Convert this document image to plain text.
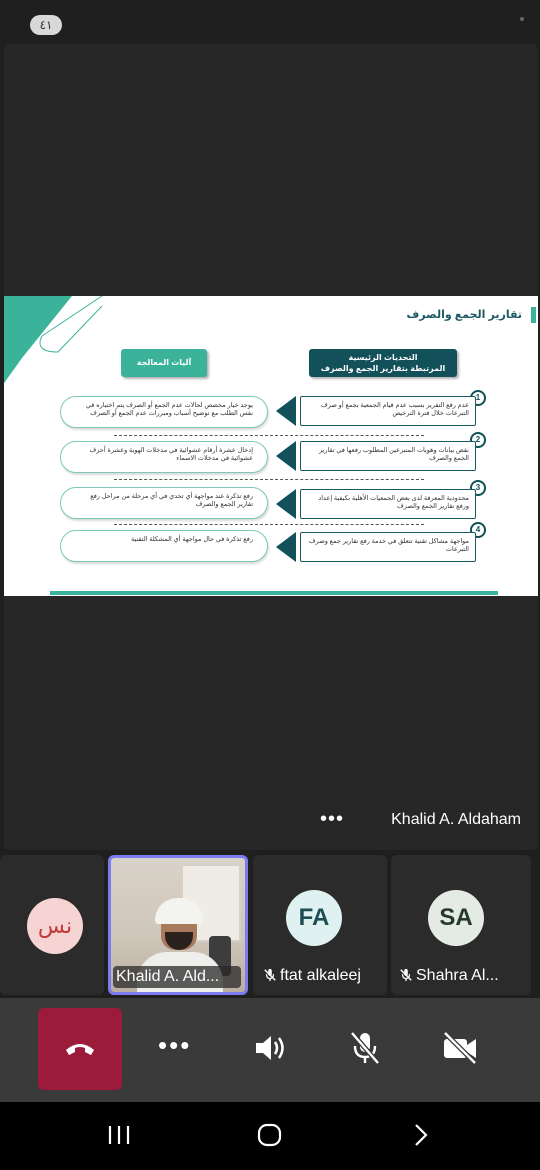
٤١
تقارير الجمع والصرف
التحديات الرئيسية
المرتبطة بتقارير الجمع والصرف
آليات المعالجة
1
عدم رفع التقرير بسبب عدم قيام الجمعية بجمع أو صرف التبرعات خلال فترة الترخيص
يوجد خيار مخصص لحالات عدم الجمع أو الصرف يتم اختياره في نفس الطلب مع توضيح أسباب ومبررات عدم الجمع أو الصرف
2
نقص بيانات وهويات المتبرعين المطلوب رفعها في تقارير الجمع والصرف
إدخال عشرة أرقام عشوائية في مدخلات الهوية وعشرة أحرف عشوائية في مدخلات الاسماء
3
محدودية المعرفة لدى بعض الجمعيات الأهلية بكيفية إعداد ورفع تقارير الجمع والصرف
رفع تذكرة عند مواجهة أي تحدي في أي مرحلة من مراحل رفع تقارير الجمع والصرف
4
مواجهة مشاكل تقنية تتعلق في خدمة رفع تقارير جمع وصرف التبرعات
رفع تذكرة في حال مواجهة أي المشكلة التقنية
•••	Khalid A. Aldaham
نس
Khalid A. Ald...
FA
ftat alkaleej
SA
Shahra Al...
•••
